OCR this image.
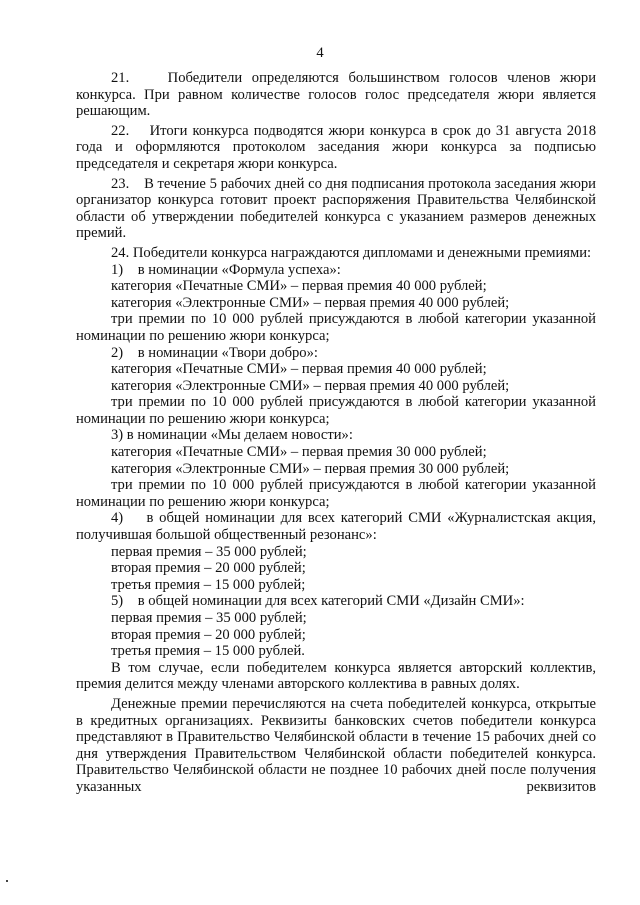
4

21.    Победители определяются большинством голосов членов жюри конкурса. При равном количестве голосов голос председателя жюри является решающим.

22.    Итоги конкурса подводятся жюри конкурса в срок до 31 августа 2018 года и оформляются протоколом заседания жюри конкурса за подписью председателя и секретаря жюри конкурса.

23.    В течение 5 рабочих дней со дня подписания протокола заседания жюри организатор конкурса готовит проект распоряжения Правительства Челябинской области об утверждении победителей конкурса с указанием размеров денежных премий.

24. Победители конкурса награждаются дипломами и денежными премиями:

1)    в номинации «Формула успеха»:

категория «Печатные СМИ» – первая премия 40 000 рублей;

категория «Электронные СМИ» – первая премия 40 000 рублей;

три премии по 10 000 рублей присуждаются в любой категории указанной номинации по решению жюри конкурса;

2)    в номинации «Твори добро»:

категория «Печатные СМИ» – первая премия 40 000 рублей;

категория «Электронные СМИ» – первая премия 40 000 рублей;

три премии по 10 000 рублей присуждаются в любой категории указанной номинации по решению жюри конкурса;

3) в номинации «Мы делаем новости»:

категория «Печатные СМИ» – первая премия 30 000 рублей;

категория «Электронные СМИ» – первая премия 30 000 рублей;

три премии по 10 000 рублей присуждаются в любой категории указанной номинации по решению жюри конкурса;

4)    в общей номинации для всех категорий СМИ «Журналистская акция, получившая большой общественный резонанс»:

первая премия – 35 000 рублей;

вторая премия – 20 000 рублей;

третья премия – 15 000 рублей;

5)    в общей номинации для всех категорий СМИ «Дизайн СМИ»:

первая премия – 35 000 рублей;

вторая премия – 20 000 рублей;

третья премия – 15 000 рублей.

В том случае, если победителем конкурса является авторский коллектив, премия делится между членами авторского коллектива в равных долях.

Денежные премии перечисляются на счета победителей конкурса, открытые в кредитных организациях. Реквизиты банковских счетов победители конкурса представляют в Правительство Челябинской области в течение 15 рабочих дней со дня утверждения Правительством Челябинской области победителей конкурса. Правительство Челябинской области не позднее 10 рабочих дней после получения указанных реквизитов
